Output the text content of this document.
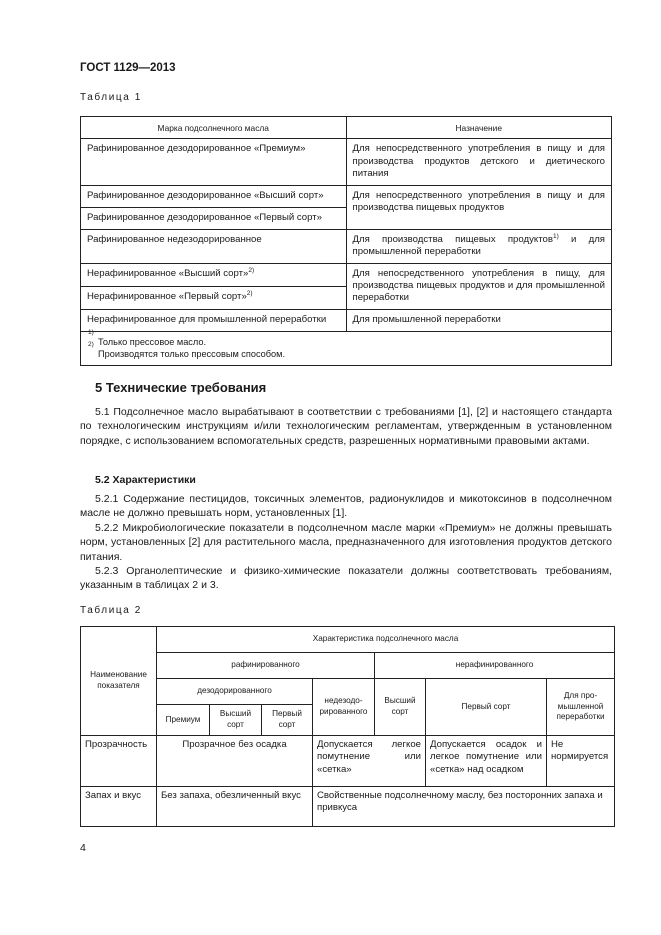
ГОСТ 1129—2013
Таблица 1
Марка подсолнечного масла	Назначение
Рафинированное дезодорированное «Премиум»	Для непосредственного употребления в пищу и для производства продуктов детского и диетического питания
Рафинированное дезодорированное «Высший сорт»	Для непосредственного употребления в пищу и для производства пищевых продуктов
Рафинированное дезодорированное «Первый сорт»	
Рафинированное недезодорированное	Для производства пищевых продуктов$^{1)}$ и для промышленной переработки
Нерафинированное «Высший сорт»$^{2)}$	Для непосредственного употребления в пищу, для производства пищевых продуктов и для промышленной переработки
Нерафинированное «Первый сорт»$^{2)}$
Нерафинированное для промышленной переработки	Для промышленной переработки

1)
Только прессовое масло.
2)
Производятся только прессовым способом.	
5 Технические требования

5.1 Подсолнечное масло вырабатывают в соответствии с требованиями [1], [2] и настоящего стандарта по технологическим инструкциям и/или технологическим регламентам, утвержденным в установленном порядке, с использованием вспомогательных средств, разрешенных нормативными правовыми актами.

5.2 Характеристики

5.2.1 Содержание пестицидов, токсичных элементов, радионуклидов и микотоксинов в подсолнечном масле не должно превышать норм, установленных [1].

5.2.2 Микробиологические показатели в подсолнечном масле марки «Премиум» не должны превышать норм, установленных [2] для растительного масла, предназначенного для изготовления продуктов детского питания.

5.2.3 Органолептические и физико-химические показатели должны соответствовать требованиям, указанным в таблицах 2 и 3.

Таблица 2
Наименование показателя	Характеристика подсолнечного масла						
	рафинированного				нерафинированного		
	дезодорированного			недезодо-рированного	Высший сорт	Первый сорт	Для про-мышленной переработки
	Премиум	Высший сорт	Первый сорт				
Прозрачность	Прозрачное без осадка			Допускается легкое помутнение или «сетка»		Допускается осадок и легкое помутнение или «сетка» над осадком	Не нормируется
Запах и вкус	Без запаха, обезличенный вкус			Свойственные подсолнечному маслу, без посторонних запаха и привкуса			
4
